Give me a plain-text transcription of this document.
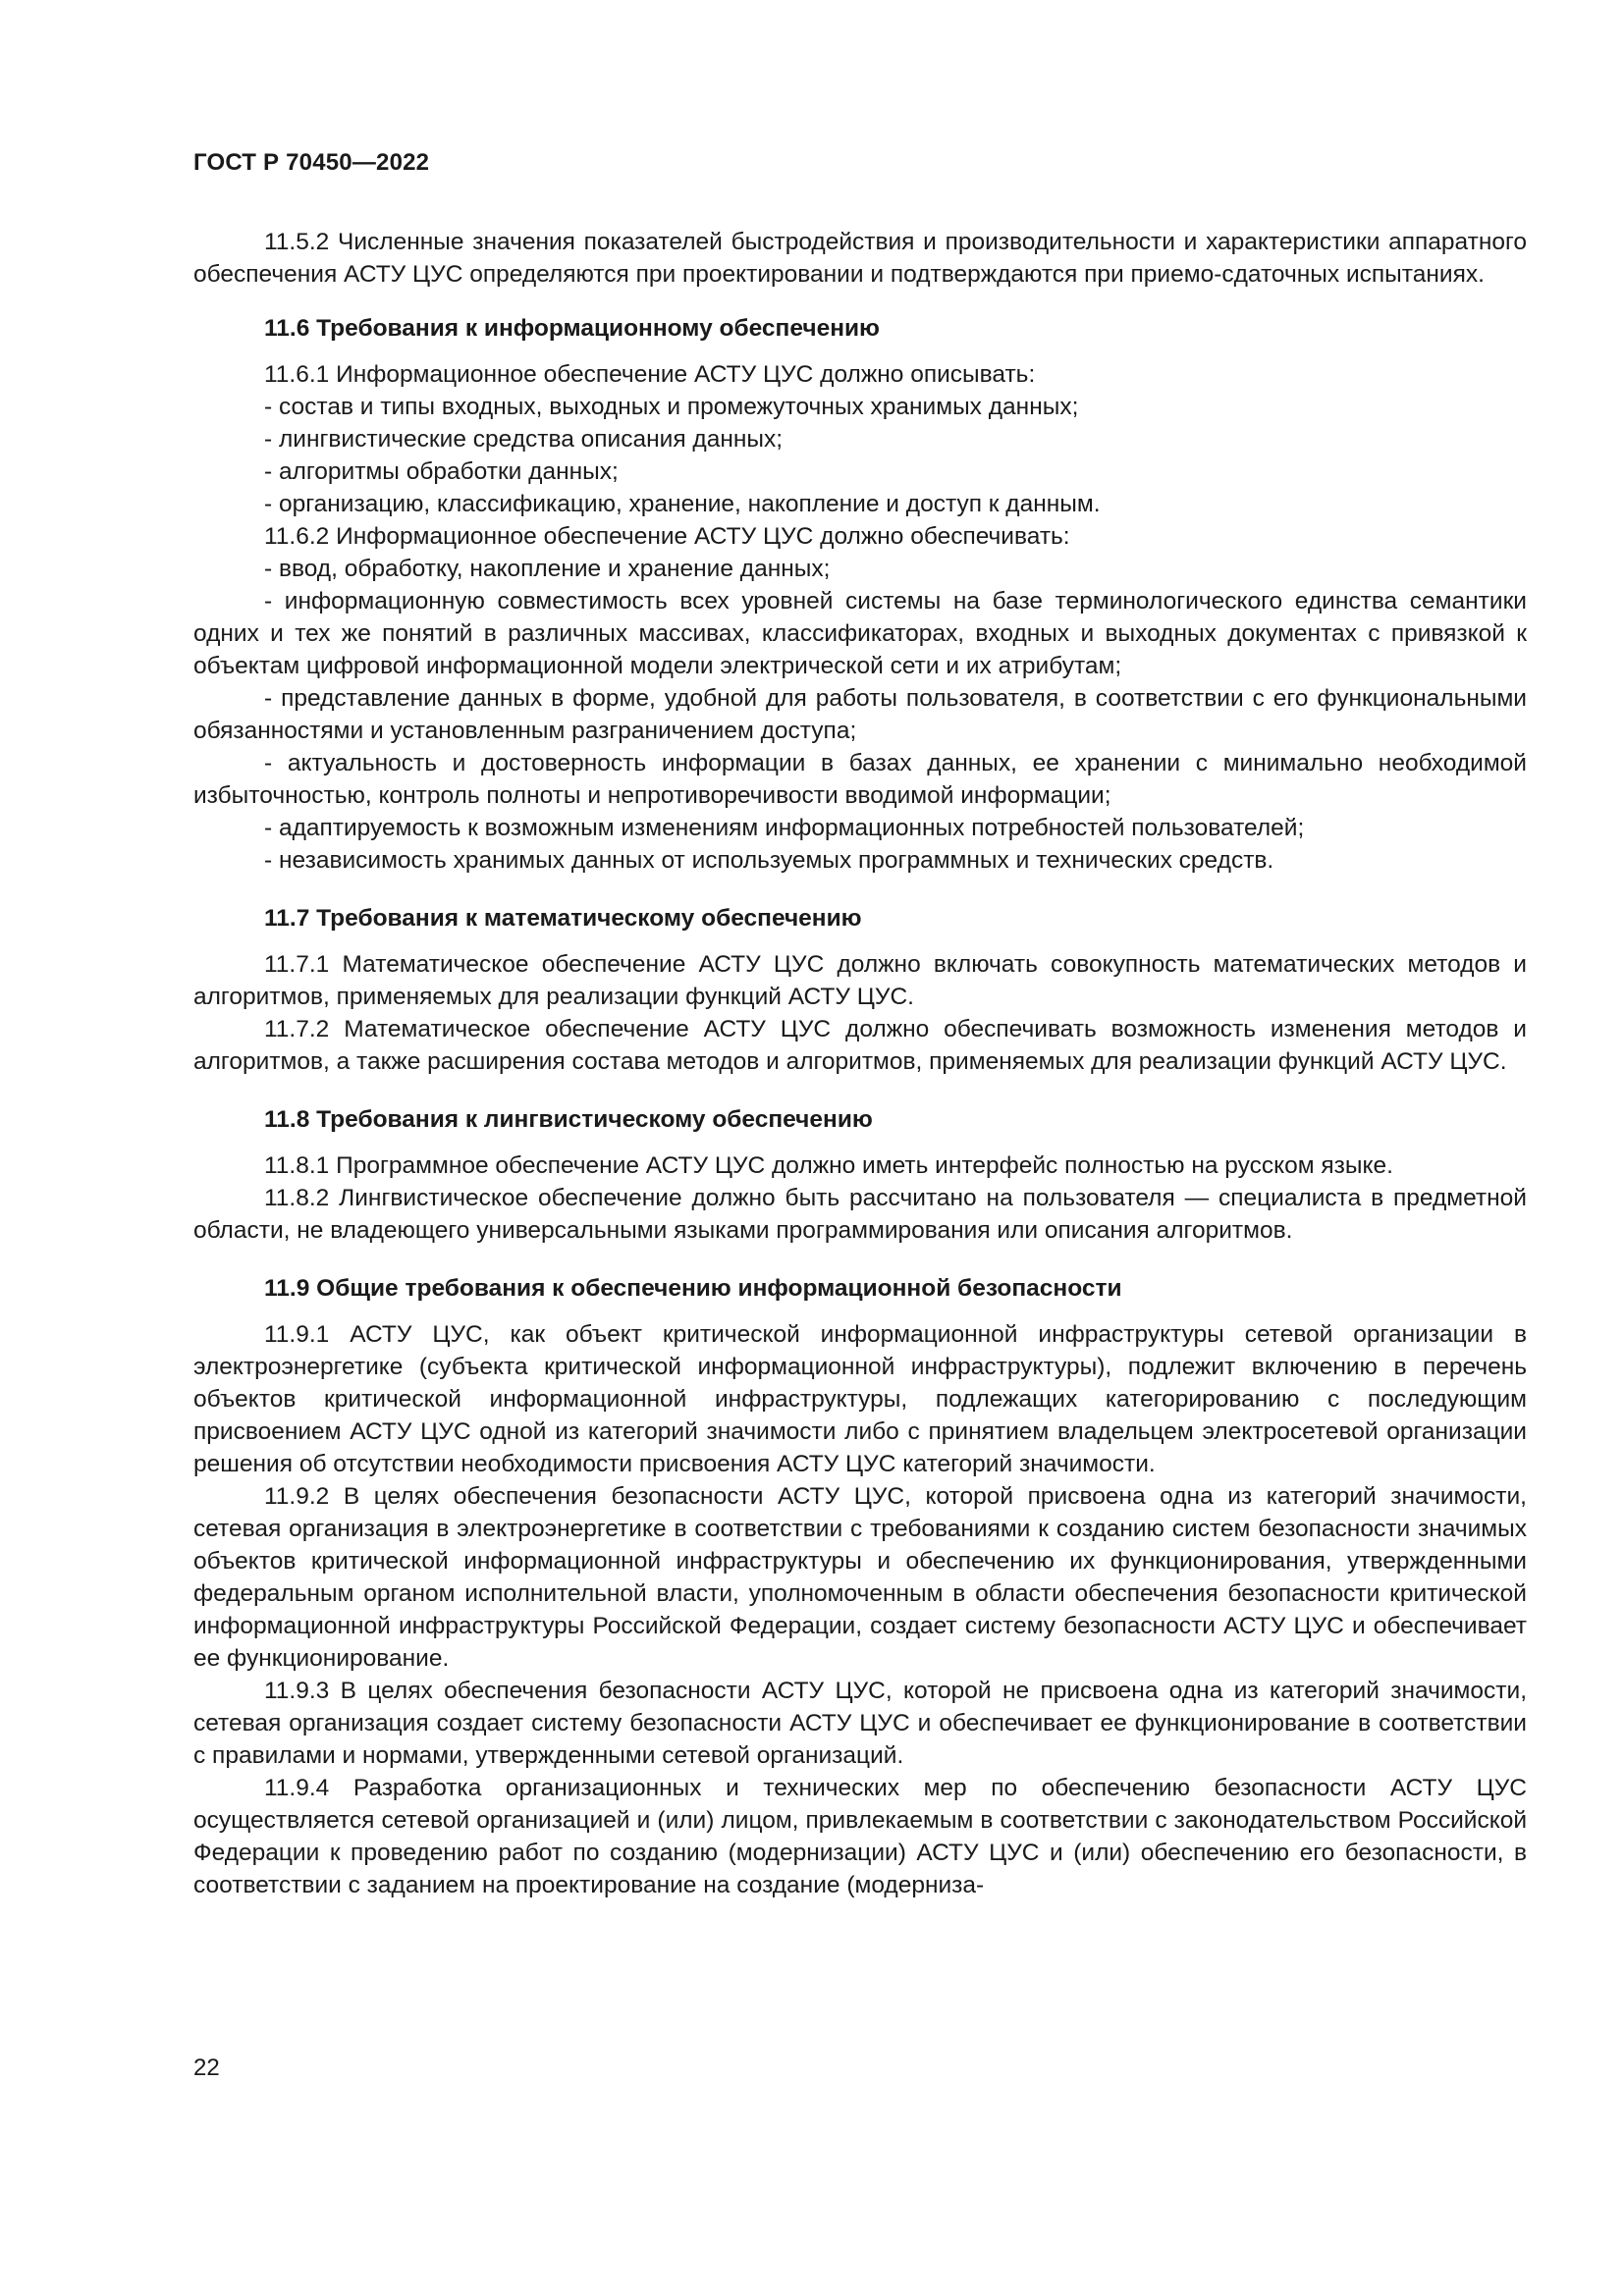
ГОСТ Р 70450—2022

11.5.2 Численные значения показателей быстродействия и производительности и характеристики аппаратного обеспечения АСТУ ЦУС определяются при проектировании и подтверждаются при приемо-сдаточных испытаниях.

11.6 Требования к информационному обеспечению

11.6.1 Информационное обеспечение АСТУ ЦУС должно описывать:

- состав и типы входных, выходных и промежуточных хранимых данных;

- лингвистические средства описания данных;

- алгоритмы обработки данных;

- организацию, классификацию, хранение, накопление и доступ к данным.

11.6.2 Информационное обеспечение АСТУ ЦУС должно обеспечивать:

- ввод, обработку, накопление и хранение данных;

- информационную совместимость всех уровней системы на базе терминологического единства семантики одних и тех же понятий в различных массивах, классификаторах, входных и выходных документах с привязкой к объектам цифровой информационной модели электрической сети и их атрибутам;

- представление данных в форме, удобной для работы пользователя, в соответствии с его функциональными обязанностями и установленным разграничением доступа;

- актуальность и достоверность информации в базах данных, ее хранении с минимально необходимой избыточностью, контроль полноты и непротиворечивости вводимой информации;

- адаптируемость к возможным изменениям информационных потребностей пользователей;

- независимость хранимых данных от используемых программных и технических средств.

11.7 Требования к математическому обеспечению

11.7.1 Математическое обеспечение АСТУ ЦУС должно включать совокупность математических методов и алгоритмов, применяемых для реализации функций АСТУ ЦУС.

11.7.2 Математическое обеспечение АСТУ ЦУС должно обеспечивать возможность изменения методов и алгоритмов, а также расширения состава методов и алгоритмов, применяемых для реализации функций АСТУ ЦУС.

11.8 Требования к лингвистическому обеспечению

11.8.1 Программное обеспечение АСТУ ЦУС должно иметь интерфейс полностью на русском языке.

11.8.2 Лингвистическое обеспечение должно быть рассчитано на пользователя — специалиста в предметной области, не владеющего универсальными языками программирования или описания алгоритмов.

11.9 Общие требования к обеспечению информационной безопасности

11.9.1 АСТУ ЦУС, как объект критической информационной инфраструктуры сетевой организации в электроэнергетике (субъекта критической информационной инфраструктуры), подлежит включению в перечень объектов критической информационной инфраструктуры, подлежащих категорированию с последующим присвоением АСТУ ЦУС одной из категорий значимости либо с принятием владельцем электросетевой организации решения об отсутствии необходимости присвоения АСТУ ЦУС категорий значимости.

11.9.2 В целях обеспечения безопасности АСТУ ЦУС, которой присвоена одна из категорий значимости, сетевая организация в электроэнергетике в соответствии с требованиями к созданию систем безопасности значимых объектов критической информационной инфраструктуры и обеспечению их функционирования, утвержденными федеральным органом исполнительной власти, уполномоченным в области обеспечения безопасности критической информационной инфраструктуры Российской Федерации, создает систему безопасности АСТУ ЦУС и обеспечивает ее функционирование.

11.9.3 В целях обеспечения безопасности АСТУ ЦУС, которой не присвоена одна из категорий значимости, сетевая организация создает систему безопасности АСТУ ЦУС и обеспечивает ее функционирование в соответствии с правилами и нормами, утвержденными сетевой организаций.

11.9.4 Разработка организационных и технических мер по обеспечению безопасности АСТУ ЦУС осуществляется сетевой организацией и (или) лицом, привлекаемым в соответствии с законодательством Российской Федерации к проведению работ по созданию (модернизации) АСТУ ЦУС и (или) обеспечению его безопасности, в соответствии с заданием на проектирование на создание (модерниза-

22
